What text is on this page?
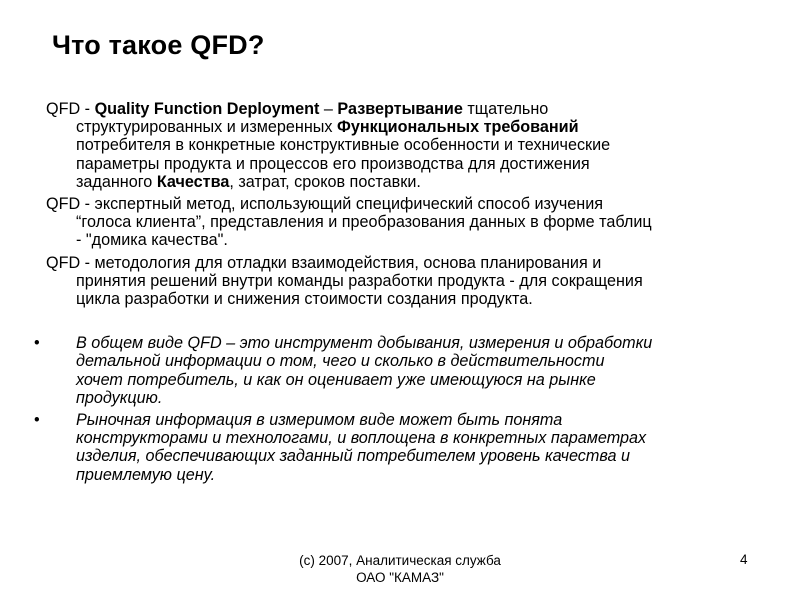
Что такое QFD?
QFD - Quality Function Deployment – Развертывание тщательно
структурированных и измеренных Функциональных требований
потребителя в конкретные конструктивные особенности и технические
параметры продукта и процессов его производства для достижения
заданного Качества, затрат, сроков поставки.
QFD - экспертный метод, использующий специфический способ изучения
“голоса клиента”, представления и преобразования данных в форме таблиц
- "домика качества".
QFD - методология для отладки взаимодействия, основа планирования и
принятия решений внутри команды разработки продукта - для сокращения
цикла разработки и снижения стоимости создания продукта.
• В общем виде QFD – это инструмент добывания, измерения и обработки
детальной информации о том, чего и сколько в действительности
хочет потребитель, и как он оценивает уже имеющуюся на рынке
продукцию.
• Рыночная информация в измеримом виде может быть понята
конструкторами и технологами, и воплощена в конкретных параметрах
изделия, обеспечивающих заданный потребителем уровень качества и
приемлемую цену.
(c) 2007, Аналитическая служба
ОАО "КАМАЗ"
4
